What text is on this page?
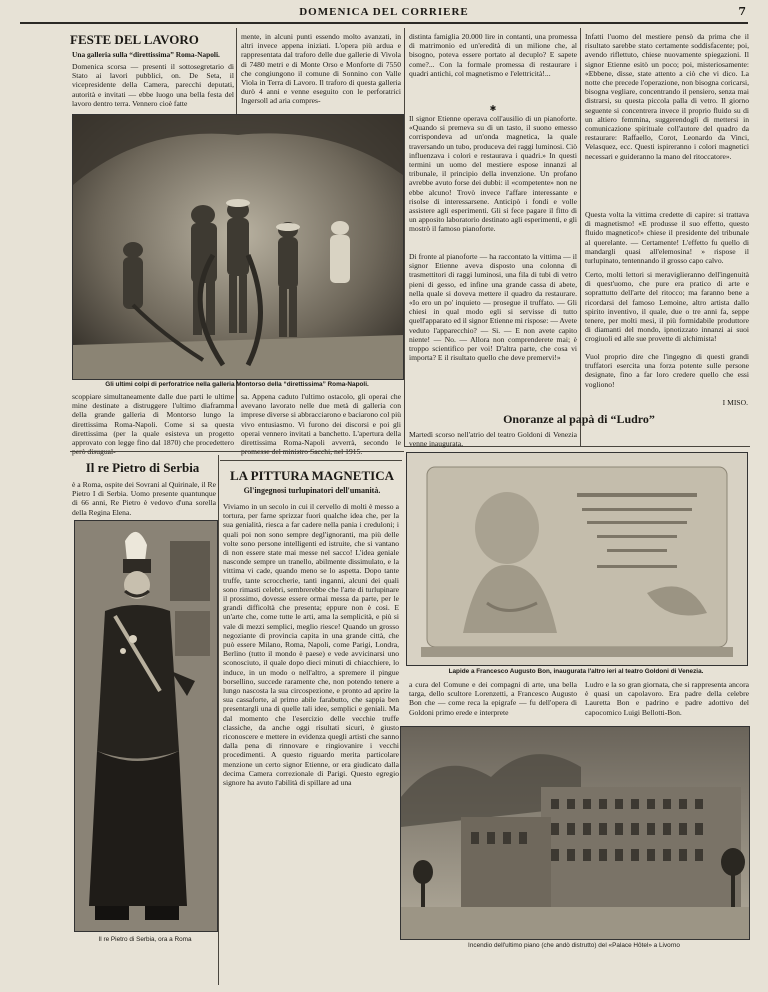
DOMENICA DEL CORRIERE	7
FESTE DEL LAVORO
Una galleria sulla “direttissima” Roma-Napoli.
Domenica scorsa — presenti il sottosegretario di Stato ai lavori pubblici, on. De Seta, il vicepresidente della Camera, parecchi deputati, autorità e invitati — ebbe luogo una bella festa del lavoro dentro terra. Vennero cioè fatte
mente, in alcuni punti essendo molto avanzati, in altri invece appena iniziati. L'opera più ardua e rappresentata dal traforo delle due gallerie di Vivola di 7480 metri e di Monte Orso e Monforte di 7550 che congiungono il comune di Sonnino con Valle Viola in Terra di Lavoro. Il traforo di questa galleria durò 4 anni e venne eseguito con le perforatrici Ingersoll ad aria compres-
Gli ultimi colpi di perforatrice nella galleria Montorso della “direttissima” Roma-Napoli.
scoppiare simultaneamente dalle due parti le ultime mine destinate a distruggere l'ultimo diaframma della grande galleria di Montorso lungo la direttissima Roma-Napoli. Come si sa questa direttissima (per la quale esisteva un progetto approvato con legge fino dal 1870) che procedettero
sa. Appena caduto l'ultimo ostacolo, gli operai che avevano lavorato nelle due metà di galleria con imprese diverse si abbracciarono e baciarono col più vivo entusiasmo. Vi furono dei discorsi e poi gli operai vennero invitati a banchetto. L'apertura della direttissima Roma-Napoli avverrà, secondo le
distinta famiglia 20.000 lire in contanti, una promessa di matrimonio ed un'eredità di un milione che, al bisogno, poteva essere portato al decuplo? E sapete come?... Con la formale promessa di restaurare i quadri antichi, col magnetismo e l'elettricità!...
✱
Il signor Etienne operava coll'ausilio di un pianoforte. «Quando si premeva su di un tasto, il suono emesso corrispondeva ad un'onda magnetica, la quale traversando un tubo, produceva dei raggi luminosi. Ciò influenzava i colori e restaurava i quadri.» In questi termini un uomo del mestiere espose innanzi al tribunale, il principio della invenzione. Un profano avrebbe avuto forse dei dubbi: il «competente» non ne ebbe alcuno! Trovò invece l'affare interessante e risolse di interessarsene. Anticipò i fondi e volle assistere agli esperimenti. Gli si fece pagare il fitto di un apposito laboratorio destinato agli esperimenti, e gli mostrò il famoso pianoforte.
Di fronte al pianoforte — ha raccontato la vittima — il signor Etienne aveva disposto una colonna di trasmettitori di raggi luminosi, una fila di tubi di vetro pieni di gesso, ed infine una grande cassa di abete, nella quale si doveva mettere il quadro da restaurare. «Io ero un po' inquieto — prosegue il truffato. — Gli chiesi in qual modo egli si servisse di tutto quell'apparato ed il signor Etienne mi rispose: — Avete veduto l'apparecchio? — Si. — E non avete capito niente! — No. — Allora non comprenderete mai; è troppo scientifico per voi! D'altra parte, che cosa vi importa? E il risultato quello che deve premervi!»
Infatti l'uomo del mestiere pensò da prima che il risultato sarebbe stato certamente soddisfacente; poi, avendo riflettuto, chiese nuovamente spiegazioni. Il signor Etienne esitò un poco; poi, misteriosamente: «Ebbene, disse, state attento a ciò che vi dico. La notte che precede l'operazione, non bisogna coricarsi, bisogna vegliare, concentrando il pensiero, senza mai distrarsi, su questa piccola palla di vetro. Il giorno seguente si concentrera invece il proprio fluido su di un altiero femmina, suggerendogli di mettersi in comunicazione spirituale coll'autore del quadro da restaurare: Raffaello, Corot, Leonardo da Vinci, Velasquez, ecc. Questi ispireranno i colori magnetici necessari e guideranno la mano del ritoccatore».
Questa volta la vittima credette di capire: si trattava di magnetismo! «E produsse il suo effetto, questo fluido magnetico!» chiese il presidente del tribunale al querelante. — Certamente! L'effetto fu quello di mandargli quasi all'elemosina! » rispose il turlupinato, tentennando il grosso capo calvo.
Certo, molti lettori si meraviglieranno dell'ingenuità di quest'uomo, che pure era pratico di arte e soprattutto dell'arte del ritocco; ma faranno bene a ricordarsi del famoso Lemoine, altro artista dallo spirito inventivo, il quale, due o tre anni fa, seppe tenere, per molti mesi, il più formidabile produttore di diamanti del mondo, ipnotizzato innanzi ai suoi crogiuoli ed alle sue provette di alchimista!
Vuol proprio dire che l'ingegno di questi grandi truffatori esercita una forza potente sulle persone designate, fino a far loro credere quello che essi vogliono!
I MISO.
Onoranze al papà di “Ludro”
Martedì scorso nell'atrio del teatro Goldoni di Venezia venne inaugurata,
Il re Pietro di Serbia
è a Roma, ospite dei Sovrani al Quirinale, il Re Pietro I di Serbia. Uomo presente quantunque di 66 anni, Re Pietro è vedovo d'una sorella della Regina Elena.
Il re Pietro di Serbia, ora a Roma
LA PITTURA MAGNETICA
Gl'ingegnosi turlupinatori dell'umanità.
Viviamo in un secolo in cui il cervello di molti è messo a tortura, per farne sprizzar fuori qualche idea che, per la sua genialità, riesca a far cadere nella pania i creduloni; i quali poi non sono sempre degl'ignoranti, ma più delle volte sono persone intelligenti ed istruite, che si vantano di non essere state mai messe nel sacco! L'idea geniale nasconde sempre un tranello, abilmente dissimulato, e la vittima vi cade, quando meno se lo aspetta. Dopo tante truffe, tante scroccherie, tanti inganni, alcuni dei quali sono rimasti celebri, sembrerebbe che l'arte di turlupinare il prossimo, dovesse essere ormai messa da parte, per le grandi difficoltà che presenta; eppure non è cosi. E un'arte che, come tutte le arti, ama la semplicità, e più si vale di mezzi semplici, meglio riesce! Quando un grosso negoziante di provincia capita in una grande città, che può essere Milano, Roma, Napoli, come Parigi, Londra, Berlino (tutto il mondo è paese) e vede avvicinarsi uno sconosciuto, il quale dopo dieci minuti di chiacchiere, lo induce, in un modo o nell'altro, a spremere il pingue borsellino, succede raramente che, non potendo tenere a lungo nascosta la sua circospezione, e pronto ad aprire la sua cassaforte, al primo abile farabutto, che sappia ben presentargli una di quelle tali idee, semplici e geniali. Ma dal momento che l'esercizio delle vecchie truffe classiche, da anche oggi risultati sicuri, è giusto riconoscere e mettere in evidenza quegli artisti che sanno dalla pena di rinnovare e ringiovanire i vecchi procedimenti. A questo riguardo merita particolare menzione un certo signor Etienne, or era giudicato dalla decima Camera correzionale di Parigi. Questo egregio signore ha avuto l'abilità di spillare ad una
Lapide a Francesco Augusto Bon, inaugurata l'altro ieri al teatro Goldoni di Venezia.
a cura del Comune e dei compagni di arte, una bella targa, dello scultore Lorenzetti, a Francesco Augusto Bon che — come reca la epigrafe — fu dell'opera di Goldoni primo erede e interprete
Ludro e la so gran giornata, che si rappresenta ancora è quasi un capolavoro. Era padre della celebre Lauretta Bon e padrino e padre adottivo del capocomico Luigi Bellotti-Bon.
Incendio dell'ultimo piano (che andò distrutto) del «Palace Hôtel» a Livorno
